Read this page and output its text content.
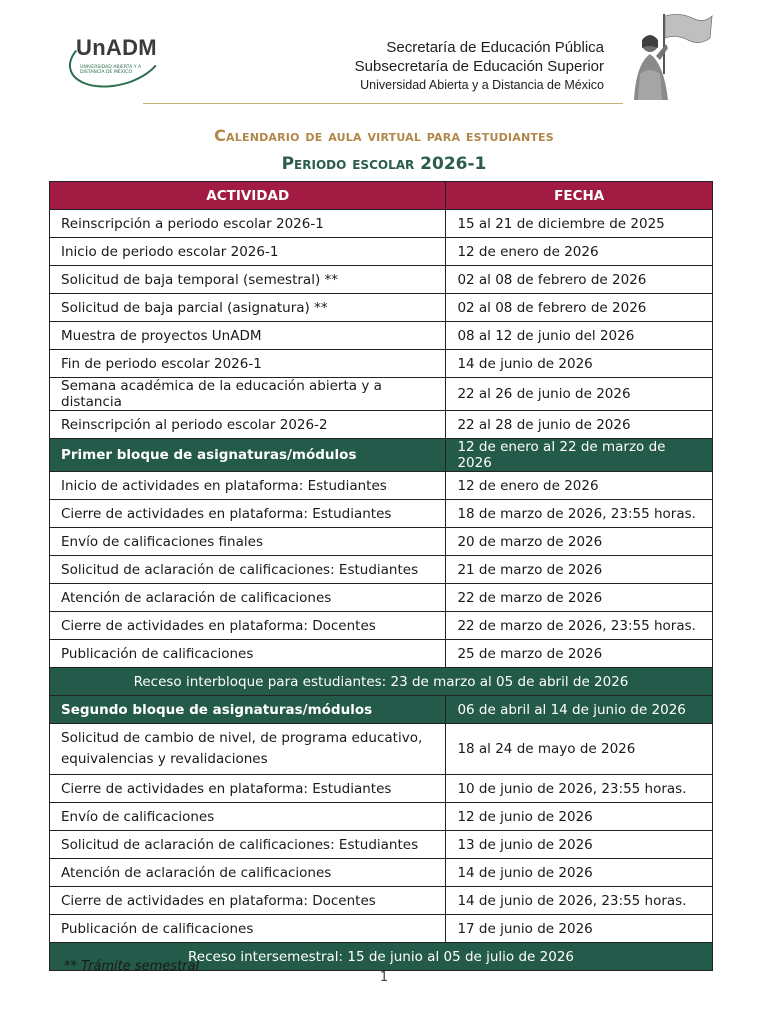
UnADM
UNIVERSIDAD ABIERTA Y A DISTANCIA DE MÉXICO
Secretaría de Educación Pública
Subsecretaría de Educación Superior
Universidad Abierta y a Distancia de México
Calendario de aula virtual para estudiantes
Periodo escolar 2026-1
ACTIVIDAD	FECHA
Reinscripción a periodo escolar 2026-1	15 al 21 de diciembre de 2025
Inicio de periodo escolar 2026-1	12 de enero de 2026
Solicitud de baja temporal (semestral) **	02 al 08 de febrero de 2026
Solicitud de baja parcial (asignatura) **	02 al 08 de febrero de 2026
Muestra de proyectos UnADM	08 al 12 de junio del 2026
Fin de periodo escolar 2026-1	14 de junio de 2026
Semana académica de la educación abierta y a distancia	22 al 26 de junio de 2026
Reinscripción al periodo escolar 2026-2	22 al 28 de junio de 2026
Primer bloque de asignaturas/módulos	12 de enero al 22 de marzo de 2026
Inicio de actividades en plataforma: Estudiantes	12 de enero de 2026
Cierre de actividades en plataforma: Estudiantes	18 de marzo de 2026, 23:55 horas.
Envío de calificaciones finales	20 de marzo de 2026
Solicitud de aclaración de calificaciones: Estudiantes	21 de marzo de 2026
Atención de aclaración de calificaciones	22 de marzo de 2026
Cierre de actividades en plataforma: Docentes	22 de marzo de 2026, 23:55 horas.
Publicación de calificaciones	25 de marzo de 2026
Receso interbloque para estudiantes: 23 de marzo al 05 de abril de 2026	
Segundo bloque de asignaturas/módulos	06 de abril al 14 de junio de 2026
Solicitud de cambio de nivel, de programa educativo, equivalencias y revalidaciones	18 al 24 de mayo de 2026
Cierre de actividades en plataforma: Estudiantes	10 de junio de 2026, 23:55 horas.
Envío de calificaciones	12 de junio de 2026
Solicitud de aclaración de calificaciones: Estudiantes	13 de junio de 2026
Atención de aclaración de calificaciones	14 de junio de 2026
Cierre de actividades en plataforma: Docentes	14 de junio de 2026, 23:55 horas.
Publicación de calificaciones	17 de junio de 2026
Receso intersemestral: 15 de junio al 05 de julio de 2026	
** Trámite semestral
1
